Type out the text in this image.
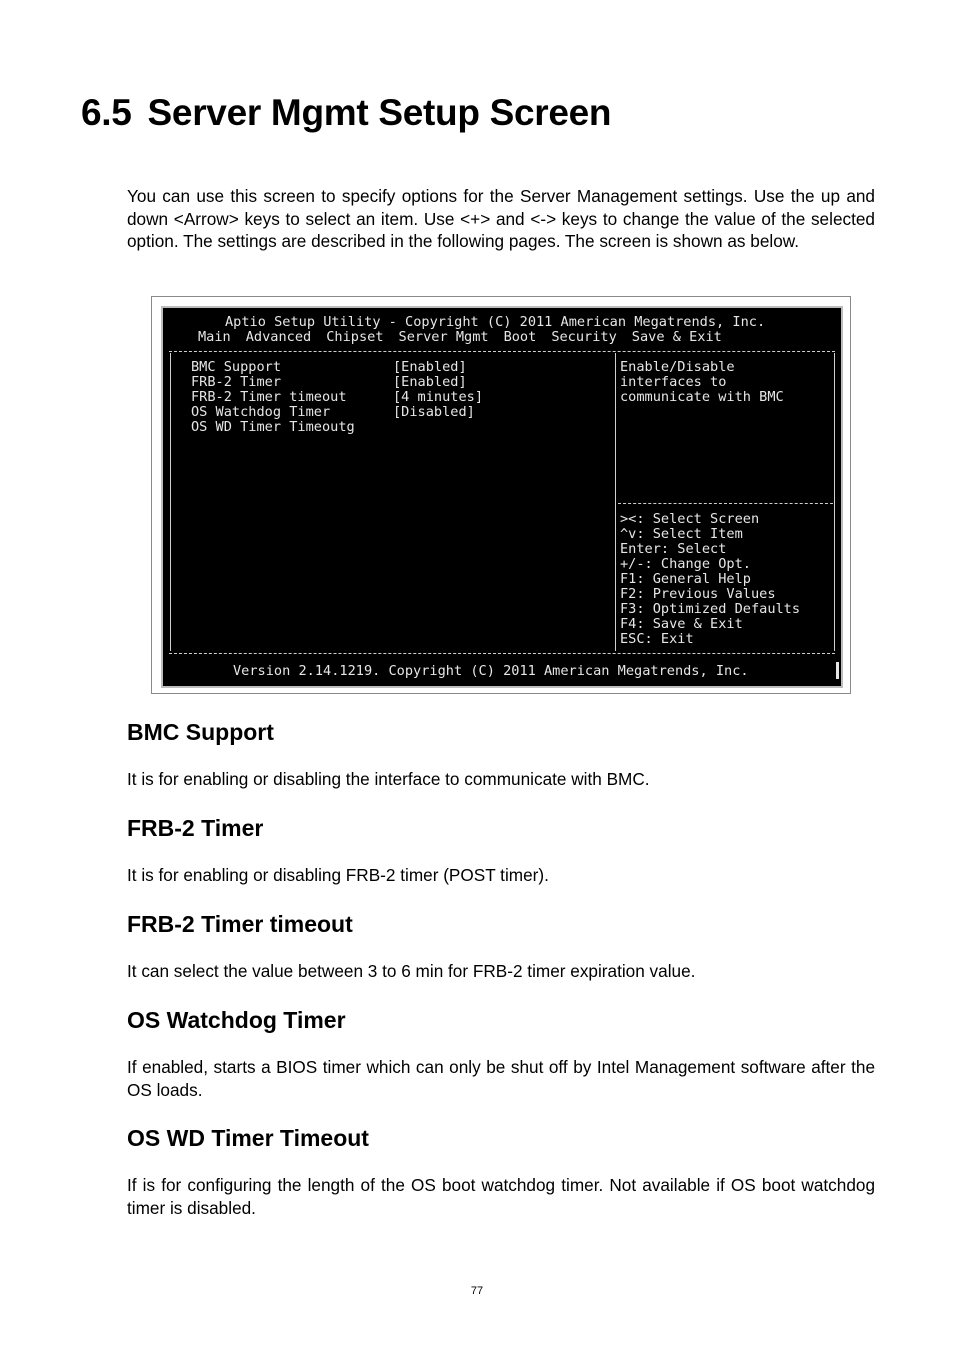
6.5 Server Mgmt Setup Screen

You can use this screen to specify options for the Server Management settings. Use the up and down <Arrow> keys to select an item. Use <+> and <-> keys to change the value of the selected option. The settings are described in the following pages. The screen is shown as below.

Aptio Setup Utility - Copyright (C) 2011 American Megatrends, Inc.
Main Advanced Chipset Server Mgmt Boot Security Save & Exit
BMC Support
FRB-2 Timer
FRB-2 Timer timeout
OS Watchdog Timer
OS WD Timer Timeoutg
[Enabled]
[Enabled]
[4 minutes]
[Disabled]
Enable/Disable
interfaces to
communicate with BMC
><: Select Screen
^v: Select Item
Enter: Select
+/-: Change Opt.
F1: General Help
F2: Previous Values
F3: Optimized Defaults
F4: Save & Exit
ESC: Exit
Version 2.14.1219. Copyright (C) 2011 American Megatrends, Inc.
BMC Support

It is for enabling or disabling the interface to communicate with BMC.

FRB-2 Timer

It is for enabling or disabling FRB-2 timer (POST timer).

FRB-2 Timer timeout

It can select the value between 3 to 6 min for FRB-2 timer expiration value.

OS Watchdog Timer

If enabled, starts a BIOS timer which can only be shut off by Intel Management software after the OS loads.

OS WD Timer Timeout

If is for configuring the length of the OS boot watchdog timer. Not available if OS boot watchdog timer is disabled.

77
